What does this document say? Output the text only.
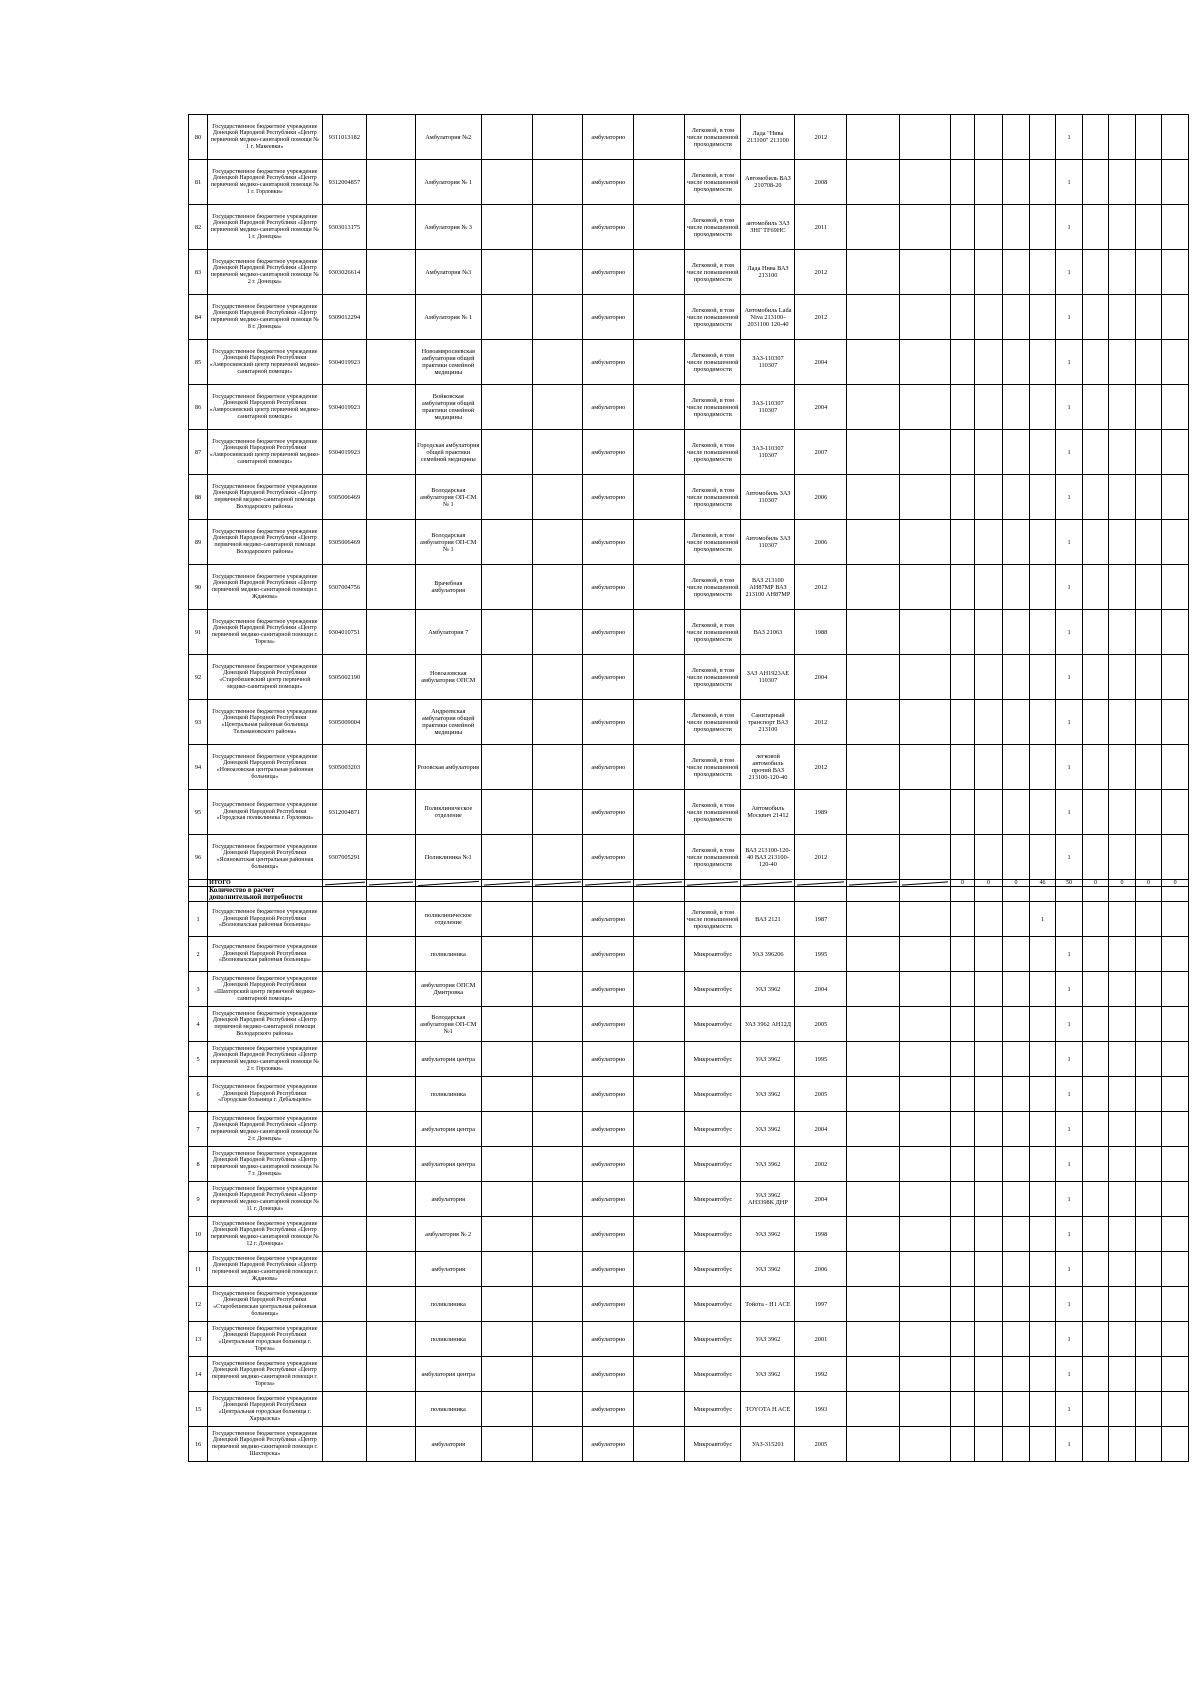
80	Государственное бюджетное учреждение Донецкой Народной Республики «Центр первичной медико-санитарной помощи № 1 г. Макеевки»	9311013182		Амбулатория №2			амбулаторно		Легковой, в том числе повышенной проходимости	Лада "Нива 213100" 213100	2012							1				
81	Государственное бюджетное учреждение Донецкой Народной Республики «Центр первичной медико-санитарной помощи № 1 г. Горловки»	9312004857		Амбулатория № 1			амбулаторно		Легковой, в том числе повышенной проходимости	Автомобиль ВАЗ 210708-20	2008							1				
82	Государственное бюджетное учреждение Донецкой Народной Республики «Центр первичной медико-санитарной помощи № 1 г. Донецка»	9303013175		Амбулатория № 3			амбулаторно		Легковой, в том числе повышенной проходимости	автомобиль ЗАЗ ЗНГ TF69HC	2011							1				
83	Государственное бюджетное учреждение Донецкой Народной Республики «Центр первичной медико-санитарной помощи № 2 г. Донецка»	9303026614		Амбулатория №3			амбулаторно		Легковой, в том числе повышенной проходимости	Лада Нива ВАЗ 213100	2012							1				
84	Государственное бюджетное учреждение Донецкой Народной Республики «Центр первичной медико-санитарной помощи № 8 г. Донецка»	9309012294		Амбулатория № 1			амбулаторно		Легковой, в том числе повышенной проходимости	Автомобиль Lada Niva 213100-2031100 120-40	2012							1				
85	Государственное бюджетное учреждение Донецкой Народной Республики «Амвросиевский центр первичной медико-санитарной помощи»	9304019923		Новоамвросиевская амбулатория общей практики семейной медицины			амбулаторно		Легковой, в том числе повышенной проходимости	ЗАЗ-110307 110307	2004							1				
86	Государственное бюджетное учреждение Донецкой Народной Республики «Амвросиевский центр первичной медико-санитарной помощи»	9304019923		Войковская амбулатория общей практики семейной медицины			амбулаторно		Легковой, в том числе повышенной проходимости	ЗАЗ-110307 110307	2004							1				
87	Государственное бюджетное учреждение Донецкой Народной Республики «Амвросиевский центр первичной медико-санитарной помощи»	9304019923		Городская амбулатория общей практики семейной медицины			амбулаторно		Легковой, в том числе повышенной проходимости	ЗАЗ-110307 110307	2007							1				
88	Государственное бюджетное учреждение Донецкой Народной Республики «Центр первичной медико-санитарной помощи Володарского района»	9305006469		Володарская амбулатория ОП-СМ № 1			амбулаторно		Легковой, в том числе повышенной проходимости	Автомобиль ЗАЗ 110307	2006							1				
89	Государственное бюджетное учреждение Донецкой Народной Республики «Центр первичной медико-санитарной помощи Володарского района»	9305006469		Володарская амбулатория ОП-СМ № 1			амбулаторно		Легковой, в том числе повышенной проходимости	Автомобиль ЗАЗ 110307	2006							1				
90	Государственное бюджетное учреждение Донецкой Народной Республики «Центр первичной медико-санитарной помощи г. Жданова»	9307004756		Врачебная амбулатория			амбулаторно		Легковой, в том числе повышенной проходимости	ВАЗ 213100 АН87МР ВАЗ 213100 АН87МР	2012							1				
91	Государственное бюджетное учреждение Донецкой Народной Республики «Центр первичной медико-санитарной помощи г. Тореза»	9304010751		Амбулатория 7			амбулаторно		Легковой, в том числе повышенной проходимости	ВАЗ 21063	1988							1				
92	Государственное бюджетное учреждение Донецкой Народной Республики «Старобешевский центр первичной медико-санитарной помощи»	9305002190		Новоазовская амбулатория ОПСМ			амбулаторно		Легковой, в том числе повышенной проходимости	ЗАЗ АН1923АЕ 110307	2004							1				
93	Государственное бюджетное учреждение Донецкой Народной Республики «Центральная районная больница Тельмановского района»	9305009004		Андреевская амбулатория общей практики семейной медицины			амбулаторно		Легковой, в том числе повышенной проходимости	Санитарный транспорт ВАЗ 213100	2012							1				
94	Государственное бюджетное учреждение Донецкой Народной Республики «Новоазовская центральная районная больница»	9305003203		Розовская амбулатория			амбулаторно		Легковой, в том числе повышенной проходимости	легковой автомобиль прочий ВАЗ 213100-120-40	2012							1				
95	Государственное бюджетное учреждение Донецкой Народной Республики «Городская поликлиника г. Горловки»	9312004871		Поликлиническое отделение			амбулаторно		Легковой, в том числе повышенной проходимости	Автомобиль Москвич 21412	1989							1				
96	Государственное бюджетное учреждение Донецкой Народной Республики «Ясиноватская центральная районная больница»	9307005291		Поликлиника №1			амбулаторно		Легковой, в том числе повышенной проходимости	ВАЗ 213100-120-40 ВАЗ 213100-120-40	2012							1				
	ИТОГО													0	0	0	46	50	0	0	0	0
	Количество в расчет дополнительной потребности																					
1	Государственное бюджетное учреждение Донецкой Народной Республики «Волновахская районная больница»			поликлиническое отделение			амбулаторно		Легковой, в том числе повышенной проходимости	ВАЗ 2121	1987						1					
2	Государственное бюджетное учреждение Донецкой Народной Республики «Волновахская районная больница»			поликлиника			амбулаторно		Микроавтобус	УАЗ 396206	1995							1				
3	Государственное бюджетное учреждение Донецкой Народной Республики «Шахтерский центр первичной медико-санитарной помощи»			амбулатория ОПСМ Дмитровка			амбулаторно		Микроавтобус	УАЗ 3962	2004							1				
4	Государственное бюджетное учреждение Донецкой Народной Республики «Центр первичной медико-санитарной помощи Володарского района»			Володарская амбулатория ОП-СМ №1			амбулаторно		Микроавтобус	УАЗ 3962 АН12Д	2005							1				
5	Государственное бюджетное учреждение Донецкой Народной Республики «Центр первичной медико-санитарной помощи № 2 г. Горловки»			амбулатория центра			амбулаторно		Микроавтобус	УАЗ 3962	1995							1				
6	Государственное бюджетное учреждение Донецкой Народной Республики «Городская больница г. Дебальцево»			поликлиника			амбулаторно		Микроавтобус	УАЗ 3962	2005							1				
7	Государственное бюджетное учреждение Донецкой Народной Республики «Центр первичной медико-санитарной помощи № 2 г. Донецка»			амбулатория центра			амбулаторно		Микроавтобус	УАЗ 3962	2004							1				
8	Государственное бюджетное учреждение Донецкой Народной Республики «Центр первичной медико-санитарной помощи № 7 г. Донецка»			амбулатория центра			амбулаторно		Микроавтобус	УАЗ 3962	2002							1				
9	Государственное бюджетное учреждение Донецкой Народной Республики «Центр первичной медико-санитарной помощи № 11 г. Донецка»			амбулатория			амбулаторно		Микроавтобус	УАЗ 3962 АН3398К ДНР	2004							1				
10	Государственное бюджетное учреждение Донецкой Народной Республики «Центр первичной медико-санитарной помощи № 12 г. Донецка»			амбулатория № 2			амбулаторно		Микроавтобус	УАЗ 3962	1998							1				
11	Государственное бюджетное учреждение Донецкой Народной Республики «Центр первичной медико-санитарной помощи г. Жданова»			амбулатория			амбулаторно		Микроавтобус	УАЗ 3962	2006							1				
12	Государственное бюджетное учреждение Донецкой Народной Республики «Старобешевская центральная районная больница»			поликлиника			амбулаторно		Микроавтобус	Тойота - H1 ACE	1997							1				
13	Государственное бюджетное учреждение Донецкой Народной Республики «Центральная городская больница г. Тореза»			поликлиника			амбулаторно		Микроавтобус	УАЗ 3962	2001							1				
14	Государственное бюджетное учреждение Донецкой Народной Республики «Центр первичной медико-санитарной помощи г. Тореза»			амбулатория центра			амбулаторно		Микроавтобус	УАЗ 3962	1992							1				
15	Государственное бюджетное учреждение Донецкой Народной Республики «Центральная городская больница г. Харцызска»			поликлиника			амбулаторно		Микроавтобус	TOYOTA H ACE	1993							1				
16	Государственное бюджетное учреждение Донецкой Народной Республики «Центр первичной медико-санитарной помощи г. Шахтерска»			амбулатория			амбулаторно		Микроавтобус	УАЗ-315201	2005							1				
